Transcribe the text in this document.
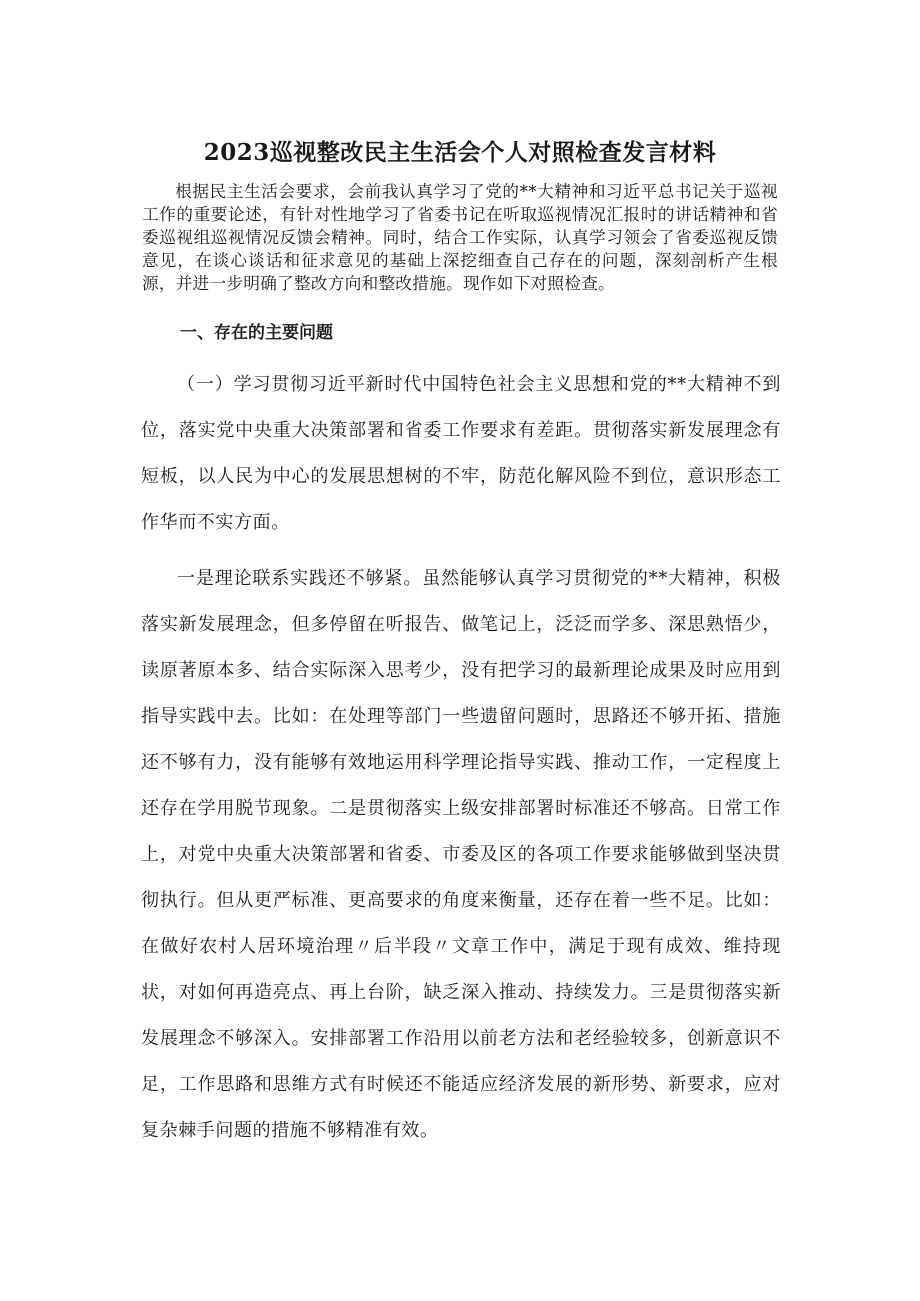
2023巡视整改民主生活会个人对照检查发言材料

根据民主生活会要求，会前我认真学习了党的**大精神和习近平总书记关于巡视工作的重要论述，有针对性地学习了省委书记在听取巡视情况汇报时的讲话精神和省委巡视组巡视情况反馈会精神。同时，结合工作实际，认真学习领会了省委巡视反馈意见，在谈心谈话和征求意见的基础上深挖细查自己存在的问题，深刻剖析产生根源，并进一步明确了整改方向和整改措施。现作如下对照检查。

一、存在的主要问题

（一）学习贯彻习近平新时代中国特色社会主义思想和党的**大精神不到位，落实党中央重大决策部署和省委工作要求有差距。贯彻落实新发展理念有短板，以人民为中心的发展思想树的不牢，防范化解风险不到位，意识形态工作华而不实方面。

一是理论联系实践还不够紧。虽然能够认真学习贯彻党的**大精神，积极落实新发展理念，但多停留在听报告、做笔记上，泛泛而学多、深思熟悟少，读原著原本多、结合实际深入思考少，没有把学习的最新理论成果及时应用到指导实践中去。比如：在处理等部门一些遗留问题时，思路还不够开拓、措施还不够有力，没有能够有效地运用科学理论指导实践、推动工作，一定程度上还存在学用脱节现象。二是贯彻落实上级安排部署时标准还不够高。日常工作上，对党中央重大决策部署和省委、市委及区的各项工作要求能够做到坚决贯彻执行。但从更严标准、更高要求的角度来衡量，还存在着一些不足。比如：在做好农村人居环境治理〃后半段〃文章工作中，满足于现有成效、维持现状，对如何再造亮点、再上台阶，缺乏深入推动、持续发力。三是贯彻落实新发展理念不够深入。安排部署工作沿用以前老方法和老经验较多，创新意识不足，工作思路和思维方式有时候还不能适应经济发展的新形势、新要求，应对复杂棘手问题的措施不够精准有效。
